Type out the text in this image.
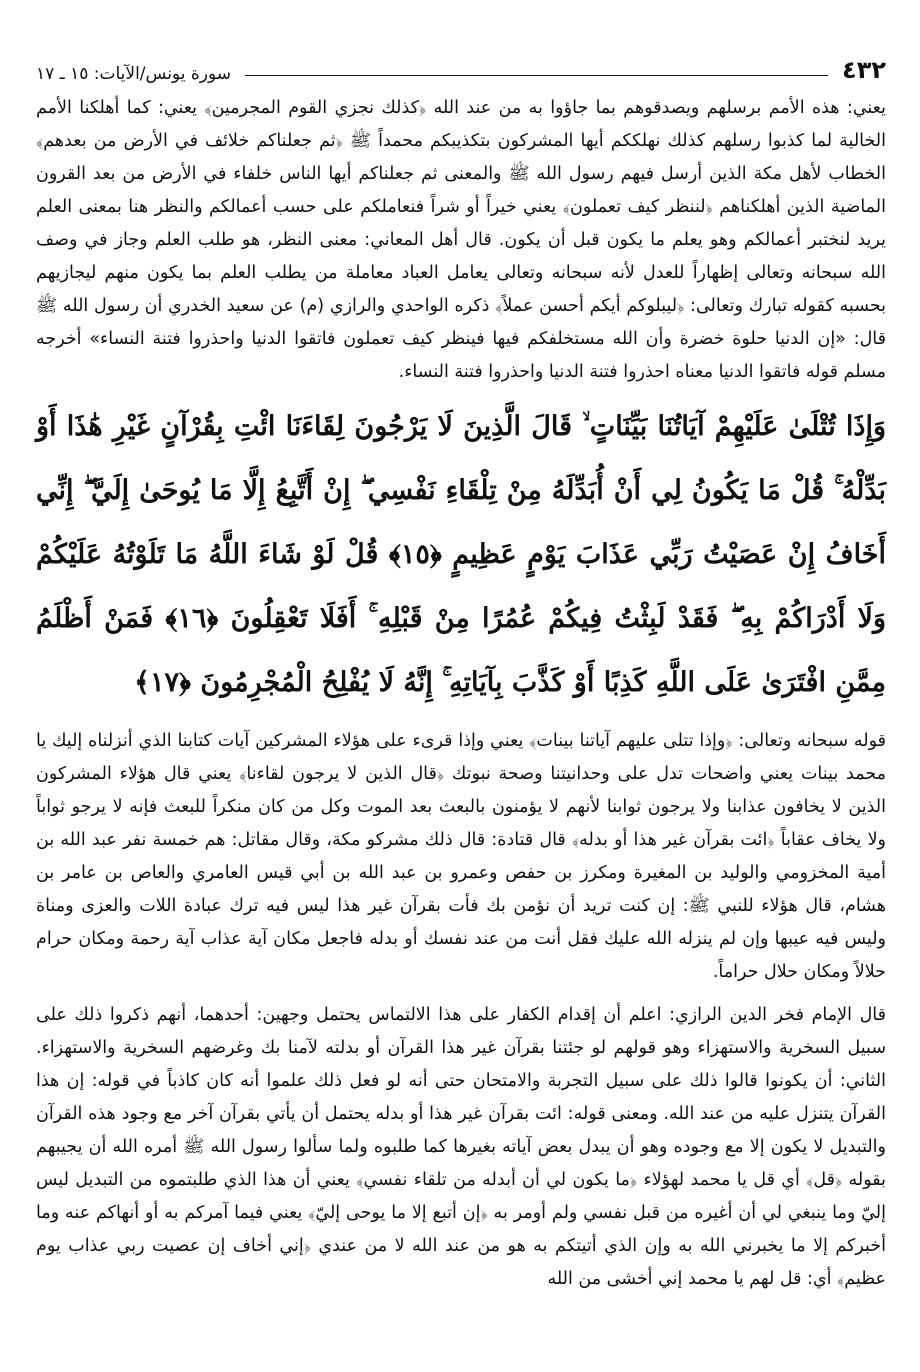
٤٣٢
سورة يونس/الآيات: ١٥ ـ ١٧

يعني: هذه الأمم برسلهم ويصدقوهم بما جاؤوا به من عند الله ﴿كذلك نجزي القوم المجرمين﴾ يعني: كما أهلكنا الأمم الخالية لما كذبوا رسلهم كذلك نهلككم أيها المشركون بتكذيبكم محمداً ﷺ ﴿ثم جعلناكم خلائف في الأرض من بعدهم﴾ الخطاب لأهل مكة الذين أرسل فيهم رسول الله ﷺ والمعنى ثم جعلناكم أيها الناس خلفاء في الأرض من بعد القرون الماضية الذين أهلكناهم ﴿لننظر كيف تعملون﴾ يعني خيراً أو شراً فنعاملكم على حسب أعمالكم والنظر هنا بمعنى العلم يريد لنختبر أعمالكم وهو يعلم ما يكون قبل أن يكون. قال أهل المعاني: معنى النظر، هو طلب العلم وجاز في وصف الله سبحانه وتعالى إظهاراً للعدل لأنه سبحانه وتعالى يعامل العباد معاملة من يطلب العلم بما يكون منهم ليجازيهم بحسبه كقوله تبارك وتعالى: ﴿ليبلوكم أيكم أحسن عملاً﴾ ذكره الواحدي والرازي (م) عن سعيد الخدري أن رسول الله ﷺ قال: «إن الدنيا حلوة خضرة وأن الله مستخلفكم فيها فينظر كيف تعملون فاتقوا الدنيا واحذروا فتنة النساء» أخرجه مسلم قوله فاتقوا الدنيا معناه احذروا فتنة الدنيا واحذروا فتنة النساء.

وَإِذَا تُتْلَىٰ عَلَيْهِمْ آيَاتُنَا بَيِّنَاتٍ ۙ قَالَ الَّذِينَ لَا يَرْجُونَ لِقَاءَنَا ائْتِ بِقُرْآنٍ غَيْرِ هَٰذَا أَوْ بَدِّلْهُ ۚ قُلْ مَا يَكُونُ لِي أَنْ أُبَدِّلَهُ مِنْ تِلْقَاءِ نَفْسِي ۖ إِنْ أَتَّبِعُ إِلَّا مَا يُوحَىٰ إِلَيَّ ۖ إِنِّي أَخَافُ إِنْ عَصَيْتُ رَبِّي عَذَابَ يَوْمٍ عَظِيمٍ ﴿١٥﴾ قُلْ لَوْ شَاءَ اللَّهُ مَا تَلَوْتُهُ عَلَيْكُمْ وَلَا أَدْرَاكُمْ بِهِ ۖ فَقَدْ لَبِثْتُ فِيكُمْ عُمُرًا مِنْ قَبْلِهِ ۚ أَفَلَا تَعْقِلُونَ ﴿١٦﴾ فَمَنْ أَظْلَمُ مِمَّنِ افْتَرَىٰ عَلَى اللَّهِ كَذِبًا أَوْ كَذَّبَ بِآيَاتِهِ ۚ إِنَّهُ لَا يُفْلِحُ الْمُجْرِمُونَ ﴿١٧﴾

قوله سبحانه وتعالى: ﴿وإذا تتلى عليهم آياتنا بينات﴾ يعني وإذا قرىء على هؤلاء المشركين آيات كتابنا الذي أنزلناه إليك يا محمد بينات يعني واضحات تدل على وحدانيتنا وصحة نبوتك ﴿قال الذين لا يرجون لقاءنا﴾ يعني قال هؤلاء المشركون الذين لا يخافون عذابنا ولا يرجون ثوابنا لأنهم لا يؤمنون بالبعث بعد الموت وكل من كان منكراً للبعث فإنه لا يرجو ثواباً ولا يخاف عقاباً ﴿ائت بقرآن غير هذا أو بدله﴾ قال قتادة: قال ذلك مشركو مكة، وقال مقاتل: هم خمسة نفر عبد الله بن أمية المخزومي والوليد بن المغيرة ومكرز بن حفص وعمرو بن عبد الله بن أبي قيس العامري والعاص بن عامر بن هشام، قال هؤلاء للنبي ﷺ: إن كنت تريد أن نؤمن بك فأت بقرآن غير هذا ليس فيه ترك عبادة اللات والعزى ومناة وليس فيه عيبها وإن لم ينزله الله عليك فقل أنت من عند نفسك أو بدله فاجعل مكان آية عذاب آية رحمة ومكان حرام حلالاً ومكان حلال حراماً.

قال الإمام فخر الدين الرازي: اعلم أن إقدام الكفار على هذا الالتماس يحتمل وجهين: أحدهما، أنهم ذكروا ذلك على سبيل السخرية والاستهزاء وهو قولهم لو جئتنا بقرآن غير هذا القرآن أو بدلته لآمنا بك وغرضهم السخرية والاستهزاء. الثاني: أن يكونوا قالوا ذلك على سبيل التجربة والامتحان حتى أنه لو فعل ذلك علموا أنه كان كاذباً في قوله: إن هذا القرآن يتنزل عليه من عند الله. ومعنى قوله: ائت بقرآن غير هذا أو بدله يحتمل أن يأتي بقرآن آخر مع وجود هذه القرآن والتبديل لا يكون إلا مع وجوده وهو أن يبدل بعض آياته بغيرها كما طلبوه ولما سألوا رسول الله ﷺ أمره الله أن يجيبهم بقوله ﴿قل﴾ أي قل يا محمد لهؤلاء ﴿ما يكون لي أن أبدله من تلقاء نفسي﴾ يعني أن هذا الذي طلبتموه من التبديل ليس إليّ وما ينبغي لي أن أغيره من قبل نفسي ولم أومر به ﴿إن أتبع إلا ما يوحى إليّ﴾ يعني فيما آمركم به أو أنهاكم عنه وما أخبركم إلا ما يخبرني الله به وإن الذي أتيتكم به هو من عند الله لا من عندي ﴿إني أخاف إن عصيت ربي عذاب يوم عظيم﴾ أي: قل لهم يا محمد إني أخشى من الله
